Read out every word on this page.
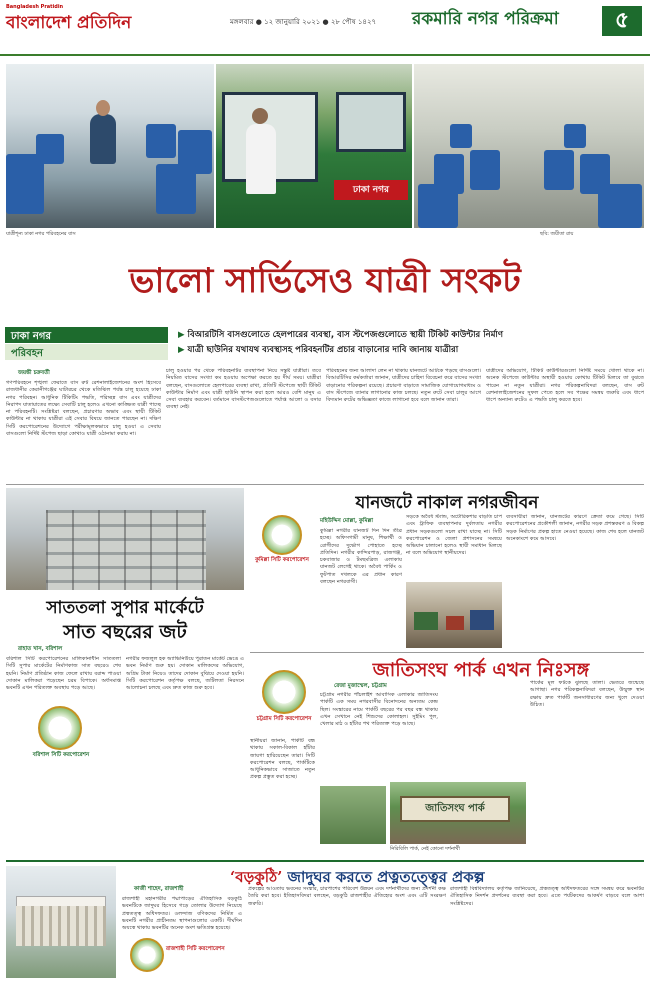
Bangladesh Pratidin
বাংলাদেশ প্রতিদিন	মঙ্গলবার ● ১২ জানুয়ারি ২০২১ ● ২৮ পৌষ ১৪২৭ রকমারি নগর পরিক্রমা	৫
ঢাকা নগর
যাত্রীশূন্য ঢাকা নগর পরিবহনের বাস	ছবি: জয়ীতা রায়
ভালো সার্ভিসেও যাত্রী সংকট
ঢাকা নগর
পরিবহন
▶ বিআরটিসি বাসগুলোতে হেলপারের ব্যবস্থা, বাস স্টপেজগুলোতে স্থায়ী টিকিট কাউন্টার নির্মাণ
▶ যাত্রী ছাউনির যথাযথ ব্যবস্থাসহ পরিবহনটির প্রচার বাড়ানোর দাবি জানায় যাত্রীরা
জয়ন্তী চক্রবর্তী
গণপরিবহনে শৃঙ্খলা ফেরাতে বাস রুট রেশনালাইজেশনের অংশ হিসেবে রাজধানীর কেরানীগঞ্জের ঘাটারচর থেকে মতিঝিল পর্যন্ত চালু হয়েছে ঢাকা নগর পরিবহন। আধুনিক টিকিটিং পদ্ধতি, পরিচ্ছন্ন বাস এবং যাত্রীদের নিরাপদ যাতায়াতের লক্ষ্যে সেবাটি চালু হলেও এখনো কাঙ্ক্ষিত যাত্রী পাচ্ছে না পরিবহনটি। সংশ্লিষ্টরা বলছেন, প্রচারণার অভাব এবং স্থায়ী টিকিট কাউন্টার না থাকায় যাত্রীরা এই সেবার বিষয়ে জানতে পারছেন না। দক্ষিণ সিটি করপোরেশনের উদ্যোগে পরীক্ষামূলকভাবে চালু হওয়া এ সেবায় বাসগুলো নির্দিষ্ট স্টপেজ ছাড়া কোথাও যাত্রী ওঠানামা করায় না।
চালু হওয়ার পর থেকে পরিবহনটির ব্যবস্থাপনা নিয়ে সন্তুষ্ট যাত্রীরা। তবে নিয়মিত বাসের সংখ্যা কম হওয়ায় অপেক্ষা করতে হয় দীর্ঘ সময়। যাত্রীরা বলছেন, বাসগুলোতে হেলপারের ব্যবস্থা রাখা, প্রতিটি স্টপেজে স্থায়ী টিকিট কাউন্টার নির্মাণ এবং যাত্রী ছাউনি স্থাপন করা হলে আরও বেশি মানুষ এ সেবা ব্যবহার করবেন। বর্তমানে বাসস্টপেজগুলোতে পর্যাপ্ত আলো ও বসার ব্যবস্থা নেই।
পরিবহনের জন্য আলাদা লেন না থাকায় যানজটে আটকে পড়ছে বাসগুলো। বিআরটিসির কর্মকর্তারা জানান, যাত্রীদের চাহিদা বিবেচনা করে বাসের সংখ্যা বাড়ানোর পরিকল্পনা রয়েছে। প্রচারণা বাড়াতে সামাজিক যোগাযোগমাধ্যম ও বাস স্টপেজে ব্যানার লাগানোর কাজ চলছে। নতুন রুটে সেবা চালুর আগে বিদ্যমান রুটের অভিজ্ঞতা কাজে লাগানো হবে বলে জানান তারা।
যাত্রীদের অভিযোগ, টিকিট কাউন্টারগুলো নির্দিষ্ট সময়ে খোলা থাকে না। অনেক স্টপেজে কাউন্টার অস্থায়ী হওয়ায় কোথায় টিকিট মিলবে তা বুঝতে পারেন না নতুন যাত্রীরা। নগর পরিকল্পনাবিদরা বলছেন, বাস রুট রেশনালাইজেশনের সুফল পেতে হলে সব পক্ষের সমন্বয় জরুরি এবং ধাপে ধাপে অন্যান্য রুটেও এ পদ্ধতি চালু করতে হবে।
সাততলা সুপার মার্কেটে
সাত বছরের জট
রাহাত খান, বরিশাল
বরিশাল সিটি করপোরেশনের মালিকানাধীন সাততলা সিটি সুপার মার্কেটের নির্মাণকাজ সাত বছরেও শেষ হয়নি। নির্মাণ প্রতিষ্ঠান কাজ ফেলে রাখায় বরাদ্দ পাওয়া দোকান মালিকরা পড়েছেন চরম বিপাকে। অর্ধসমাপ্ত ভবনটি এখন পরিত্যক্ত অবস্থায় পড়ে আছে।
বরিশাল সিটি করপোরেশন
নগরীর ফজলুল হক অ্যাভিনিউয়ে পুরাতন মার্কেট ভেঙে এ ভবন নির্মাণ শুরু হয়। দোকান মালিকদের অভিযোগ, অগ্রিম টাকা নিয়েও তাদের দোকান বুঝিয়ে দেওয়া হয়নি। সিটি করপোরেশন কর্তৃপক্ষ বলছে, জটিলতা নিরসনে আলোচনা চলছে এবং দ্রুত কাজ শুরু হবে।
যানজটে নাকাল নগরজীবন
কুমিল্লা সিটি করপোরেশন
মহিউদ্দিন মোল্লা, কুমিল্লা
কুমিল্লা নগরীর যানজট দিন দিন তীব্র হচ্ছে। অফিসগামী মানুষ, শিক্ষার্থী ও রোগীদের দুর্ভোগ পোহাতে হচ্ছে প্রতিদিন। নগরীর কান্দিরপাড়, রাজগঞ্জ, চকবাজার ও টমছমব্রিজ এলাকায় যানজট লেগেই থাকে। অবৈধ পার্কিং ও ফুটপাত দখলকে এর প্রধান কারণ বলছেন নগরবাসী।
সড়কে অবৈধ স্ট্যান্ড, অটোরিকশার বাড়তি চাপ এবং ট্রাফিক ব্যবস্থাপনার দুর্বলতায় নগরীর প্রধান সড়কগুলো সচল রাখা যাচ্ছে না। সিটি করপোরেশন ও জেলা প্রশাসনের সমন্বয়ে অভিযান চালানো হলেও স্থায়ী সমাধান মিলছে না বলে অভিযোগ স্থানীয়দের।
ব্যবসায়ীরা জানান, যানজটের কারণে ক্রেতা কমে গেছে। সিটি করপোরেশনের প্রকৌশলী জানান, নগরীর সড়ক প্রশস্তকরণ ও বিকল্প সড়ক নির্মাণের প্রকল্প হাতে নেওয়া হয়েছে। কাজ শেষ হলে যানজট অনেকাংশে কমে আসবে।
জাতিসংঘ পার্ক এখন নিঃসঙ্গ
চট্টগ্রাম সিটি করপোরেশন
রেজা মুজাম্মেল, চট্টগ্রাম
চট্টগ্রাম নগরীর পাঁচলাইশ আবাসিক এলাকার জাতিসংঘ পার্কটি এক সময় নগরবাসীর বিনোদনের অন্যতম কেন্দ্র ছিল। সংস্কারের নামে পার্কটি বছরের পর বছর বন্ধ থাকায় এখন সেখানে নেই শিশুদের কোলাহল। সুইমিং পুল, খেলার মাঠ ও হাঁটার পথ পরিত্যক্ত পড়ে আছে।
স্থানীয়রা জানান, পার্কটি বন্ধ থাকায় সকাল-বিকাল হাঁটার জায়গা হারিয়েছেন তারা। সিটি করপোরেশন বলছে, পার্কটিকে আধুনিকভাবে সাজাতে নতুন প্রকল্প প্রস্তুত করা হচ্ছে।
পার্কের মূল ফটকে ঝুলছে তালা। ভেতরে জন্মেছে আগাছা। নগর পরিকল্পনাবিদরা বলছেন, উন্মুক্ত স্থান রক্ষায় দ্রুত পার্কটি জনসাধারণের জন্য খুলে দেওয়া উচিত।
জাতিসংঘ পার্ক
নিরিবিলি পার্ক, নেই কোনো দর্শনার্থী
‘বড়কুঠি’ জাদুঘর করতে প্রত্নতত্ত্বের প্রকল্প
কাজী শাহেদ, রাজশাহী
রাজশাহী মহানগরীর পদ্মাপাড়ের ঐতিহাসিক বড়কুঠি ভবনটিকে জাদুঘর হিসেবে গড়ে তোলার উদ্যোগ নিয়েছে প্রত্নতত্ত্ব অধিদফতর। ওলন্দাজ বণিকদের নির্মিত এ ভবনটি নগরীর প্রাচীনতম স্থাপনাগুলোর একটি। দীর্ঘদিন অযত্নে থাকায় ভবনটির অনেক অংশ ক্ষতিগ্রস্ত হয়েছে।
রাজশাহী সিটি করপোরেশন
প্রকল্পের আওতায় ভবনের সংস্কার, চারপাশের পরিবেশ উন্নয়ন এবং দর্শনার্থীদের জন্য প্রদর্শনী কক্ষ তৈরি করা হবে। ইতিহাসবিদরা বলছেন, বড়কুঠি রাজশাহীর ঐতিহ্যের অংশ এবং এটি সংরক্ষণ জরুরি।
রাজশাহী বিশ্ববিদ্যালয় কর্তৃপক্ষ জানিয়েছে, প্রত্নতত্ত্ব অধিদফতরের সঙ্গে সমন্বয় করে ভবনটির ঐতিহাসিক নিদর্শন প্রদর্শনের ব্যবস্থা করা হবে। এতে পর্যটকদের আকর্ষণ বাড়বে বলে আশা সংশ্লিষ্টদের।
